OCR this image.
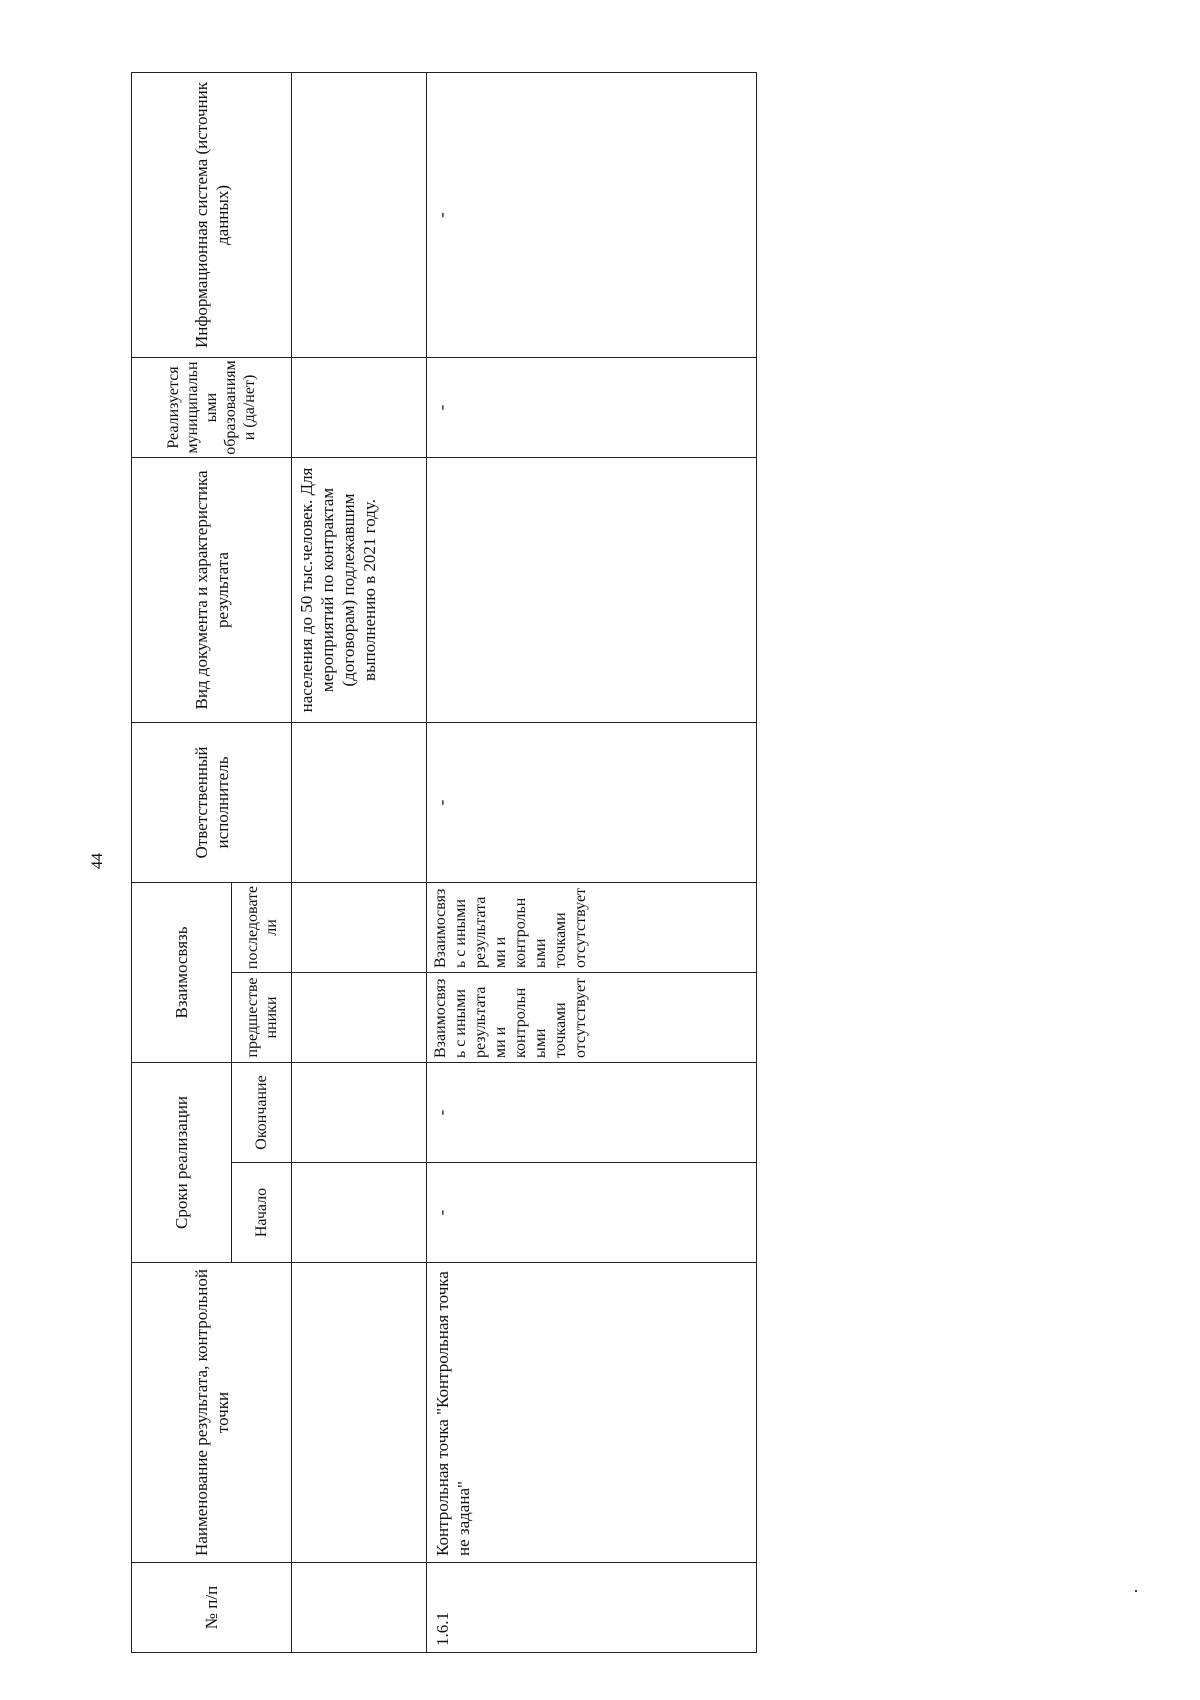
44
№ п/п	Наименование результата, контрольной точки	Сроки реализации		Взаимосвязь		Ответственный исполнитель	Вид документа и характеристика результата	Реализуется муниципальными образованиями (да/нет)	Информационная система (источник данных)
		Начало	Окончание	предшественники	последователи				
							населения до 50 тыс.человек. Для мероприятий по контрактам (договорам) подлежавшим выполнению в 2021 году.		
1.6.1	Контрольная точка "Контрольная точка не задана"	-	-	Взаимосвязь с иными результатами и контрольными точками отсутствует	Взаимосвязь с иными результатами и контрольными точками отсутствует	-		-	-
